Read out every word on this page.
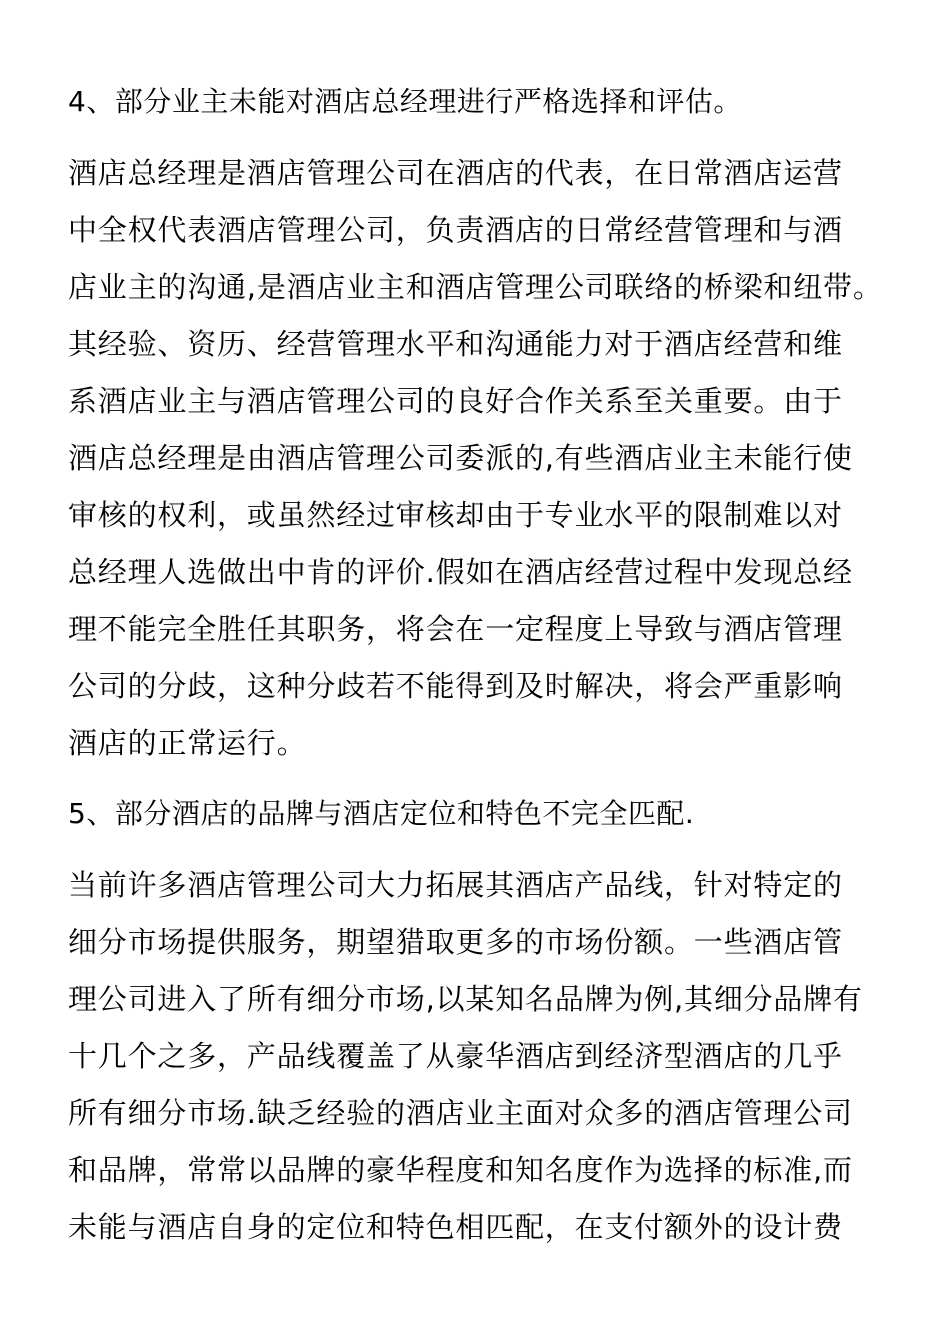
4、部分业主未能对酒店总经理进行严格选择和评估。
酒店总经理是酒店管理公司在酒店的代表，在日常酒店运营
中全权代表酒店管理公司，负责酒店的日常经营管理和与酒
店业主的沟通,是酒店业主和酒店管理公司联络的桥梁和纽带。
其经验、资历、经营管理水平和沟通能力对于酒店经营和维
系酒店业主与酒店管理公司的良好合作关系至关重要。由于
酒店总经理是由酒店管理公司委派的,有些酒店业主未能行使
审核的权利，或虽然经过审核却由于专业水平的限制难以对
总经理人选做出中肯的评价.假如在酒店经营过程中发现总经
理不能完全胜任其职务，将会在一定程度上导致与酒店管理
公司的分歧，这种分歧若不能得到及时解决，将会严重影响
酒店的正常运行。
5、部分酒店的品牌与酒店定位和特色不完全匹配.
当前许多酒店管理公司大力拓展其酒店产品线，针对特定的
细分市场提供服务，期望猎取更多的市场份额。一些酒店管
理公司进入了所有细分市场,以某知名品牌为例,其细分品牌有
十几个之多，产品线覆盖了从豪华酒店到经济型酒店的几乎
所有细分市场.缺乏经验的酒店业主面对众多的酒店管理公司
和品牌，常常以品牌的豪华程度和知名度作为选择的标准,而
未能与酒店自身的定位和特色相匹配，在支付额外的设计费
